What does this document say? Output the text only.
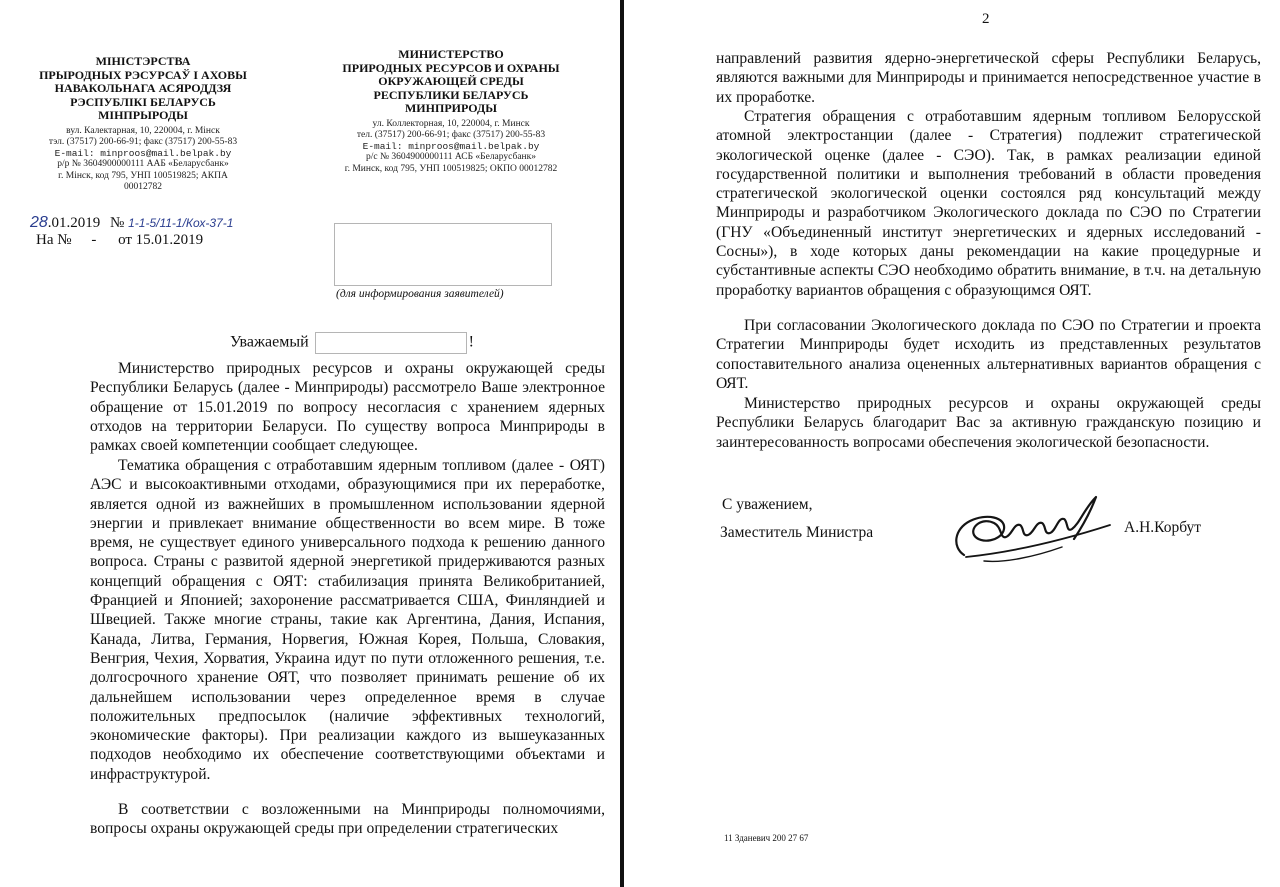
МІНІСТЭРСТВА
ПРЫРОДНЫХ РЭСУРСАЎ І АХОВЫ
НАВАКОЛЬНАГА АСЯРОДДЗЯ
РЭСПУБЛІКІ БЕЛАРУСЬ
МІНПРЫРОДЫ
вул. Калектарная, 10, 220004, г. Мінск
тэл. (37517) 200-66-91; факс (37517) 200-55-83
E-mail: minproos@mail.belpak.by
р/р № 3604900000111 ААБ «Беларусбанк»
г. Мінск, код 795, УНП 100519825; АКПА
00012782
МИНИСТЕРСТВО
ПРИРОДНЫХ РЕСУРСОВ И ОХРАНЫ
ОКРУЖАЮЩЕЙ СРЕДЫ
РЕСПУБЛИКИ БЕЛАРУСЬ
МИНПРИРОДЫ
ул. Коллекторная, 10, 220004, г. Минск
тел. (37517) 200-66-91; факс (37517) 200-55-83
E-mail: minproos@mail.belpak.by
р/с № 3604900000111 АСБ «Беларусбанк»
г. Минск, код 795, УНП 100519825; ОКПО 00012782
28.01.2019 № 1-1-5/11-1/Кох-37-1
На № - от 15.01.2019
(для информирования заявителей)
Уважаемый	!
Министерство природных ресурсов и охраны окружающей среды Республики Беларусь (далее - Минприроды) рассмотрело Ваше электронное обращение от 15.01.2019 по вопросу несогласия с хранением ядерных отходов на территории Беларуси. По существу вопроса Минприроды в рамках своей компетенции сообщает следующее.
Тематика обращения с отработавшим ядерным топливом (далее - ОЯТ) АЭС и высокоактивными отходами, образующимися при их переработке, является одной из важнейших в промышленном использовании ядерной энергии и привлекает внимание общественности во всем мире. В тоже время, не существует единого универсального подхода к решению данного вопроса. Страны с развитой ядерной энергетикой придерживаются разных концепций обращения с ОЯТ: стабилизация принята Великобританией, Францией и Японией; захоронение рассматривается США, Финляндией и Швецией. Также многие страны, такие как Аргентина, Дания, Испания, Канада, Литва, Германия, Норвегия, Южная Корея, Польша, Словакия, Венгрия, Чехия, Хорватия, Украина идут по пути отложенного решения, т.е. долгосрочного хранение ОЯТ, что позволяет принимать решение об их дальнейшем использовании через определенное время в случае положительных предпосылок (наличие эффективных технологий, экономические факторы). При реализации каждого из вышеуказанных подходов необходимо их обеспечение соответствующими объектами и инфраструктурой.
В соответствии с возложенными на Минприроды полномочиями, вопросы охраны окружающей среды при определении стратегических
2
направлений развития ядерно-энергетической сферы Республики Беларусь, являются важными для Минприроды и принимается непосредственное участие в их проработке.
Стратегия обращения с отработавшим ядерным топливом Белорусской атомной электростанции (далее - Стратегия) подлежит стратегической экологической оценке (далее - СЭО). Так, в рамках реализации единой государственной политики и выполнения требований в области проведения стратегической экологической оценки состоялся ряд консультаций между Минприроды и разработчиком Экологического доклада по СЭО по Стратегии (ГНУ «Объединенный институт энергетических и ядерных исследований - Сосны»), в ходе которых даны рекомендации на какие процедурные и субстантивные аспекты СЭО необходимо обратить внимание, в т.ч. на детальную проработку вариантов обращения с образующимся ОЯТ.
При согласовании Экологического доклада по СЭО по Стратегии и проекта Стратегии Минприроды будет исходить из представленных результатов сопоставительного анализа оцененных альтернативных вариантов обращения с ОЯТ.
Министерство природных ресурсов и охраны окружающей среды Республики Беларусь благодарит Вас за активную гражданскую позицию и заинтересованность вопросами обеспечения экологической безопасности.
С уважением,
Заместитель Министра	А.Н.Корбут
11 Зданевич 200 27 67
